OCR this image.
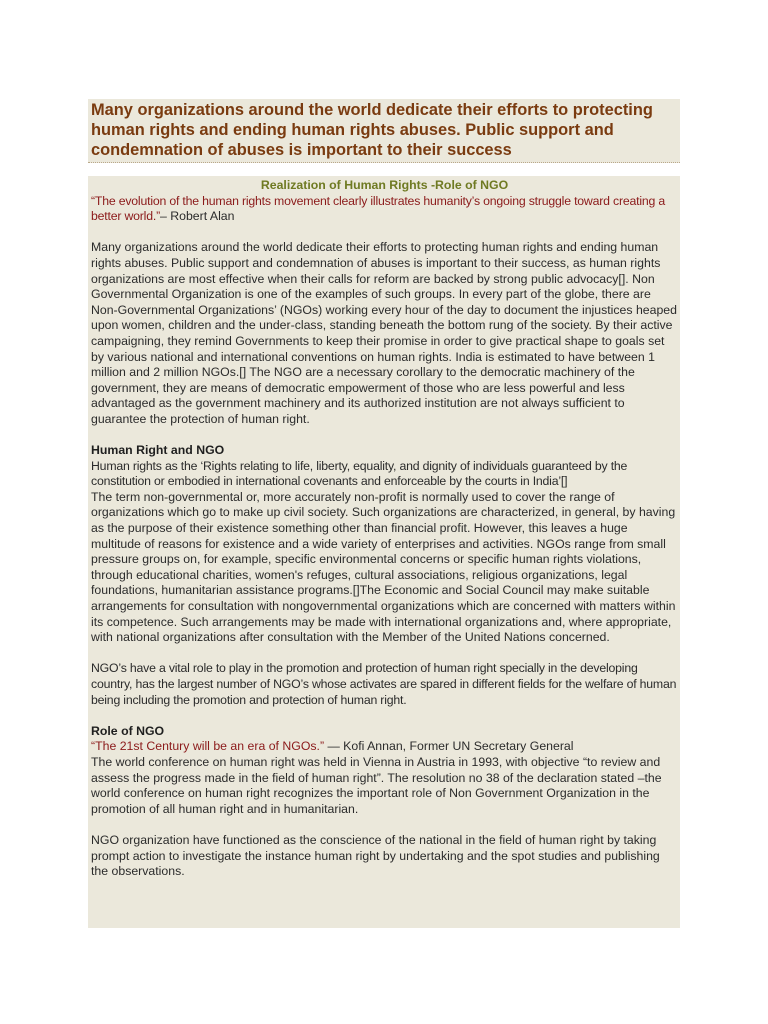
Many organizations around the world dedicate their efforts to protecting human rights and ending human rights abuses. Public support and condemnation of abuses is important to their success

Realization of Human Rights -Role of NGO

“The evolution of the human rights movement clearly illustrates humanity’s ongoing struggle toward creating a better world.”– Robert Alan

Many organizations around the world dedicate their efforts to protecting human rights and ending human rights abuses. Public support and condemnation of abuses is important to their success, as human rights organizations are most effective when their calls for reform are backed by strong public advocacy[]. Non Governmental Organization is one of the examples of such groups. In every part of the globe, there are Non-Governmental Organizations’ (NGOs) working every hour of the day to document the injustices heaped upon women, children and the under-class, standing beneath the bottom rung of the society. By their active campaigning, they remind Governments to keep their promise in order to give practical shape to goals set by various national and international conventions on human rights. India is estimated to have between 1 million and 2 million NGOs.[] The NGO are a necessary corollary to the democratic machinery of the government, they are means of democratic empowerment of those who are less powerful and less advantaged as the government machinery and its authorized institution are not always sufficient to guarantee the protection of human right.

Human Right and NGO

Human rights as the ‘Rights relating to life, liberty, equality, and dignity of individuals guaranteed by the constitution or embodied in international covenants and enforceable by the courts in India’[]

The term non-governmental or, more accurately non-profit is normally used to cover the range of organizations which go to make up civil society. Such organizations are characterized, in general, by having as the purpose of their existence something other than financial profit. However, this leaves a huge multitude of reasons for existence and a wide variety of enterprises and activities. NGOs range from small pressure groups on, for example, specific environmental concerns or specific human rights violations, through educational charities, women's refuges, cultural associations, religious organizations, legal foundations, humanitarian assistance programs.[]The Economic and Social Council may make suitable arrangements for consultation with nongovernmental organizations which are concerned with matters within its competence. Such arrangements may be made with international organizations and, where appropriate, with national organizations after consultation with the Member of the United Nations concerned.

NGO’s have a vital role to play in the promotion and protection of human right specially in the developing country, has the largest number of NGO’s whose activates are spared in different fields for the welfare of human being including the promotion and protection of human right.

Role of NGO

“The 21st Century will be an era of NGOs.” — Kofi Annan, Former UN Secretary General

The world conference on human right was held in Vienna in Austria in 1993, with objective “to review and assess the progress made in the field of human right”. The resolution no 38 of the declaration stated –the world conference on human right recognizes the important role of Non Government Organization in the promotion of all human right and in humanitarian.

NGO organization have functioned as the conscience of the national in the field of human right by taking prompt action to investigate the instance human right by undertaking and the spot studies and publishing the observations.
